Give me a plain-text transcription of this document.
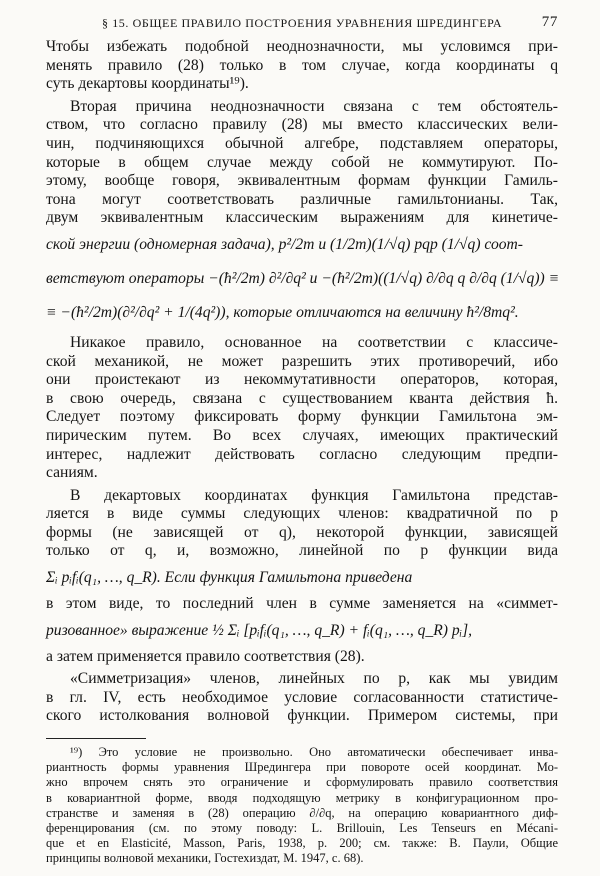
§ 15. ОБЩЕЕ ПРАВИЛО ПОСТРОЕНИЯ УРАВНЕНИЯ ШРЕДИНГЕРА	77
Чтобы избежать подобной неоднозначности, мы условимся при-
менять правило (28) только в том случае, когда координаты q
суть декартовы координаты¹⁹).
Вторая причина неоднозначности связана с тем обстоятель-
ством, что согласно правилу (28) мы вместо классических вели-
чин, подчиняющихся обычной алгебре, подставляем операторы,
которые в общем случае между собой не коммутируют. По-
этому, вообще говоря, эквивалентным формам функции Гамиль-
тона могут соответствовать различные гамильтонианы. Так,
двум эквивалентным классическим выражениям для кинетиче-
ской энергии (одномерная задача), p²/2m и (1/2m)(1/√q) pqp (1/√q) соот-
ветствуют операторы −(ħ²/2m) ∂²/∂q² и −(ħ²/2m)((1/√q) ∂/∂q q ∂/∂q (1/√q)) ≡
≡ −(ħ²/2m)(∂²/∂q² + 1/(4q²)), которые отличаются на величину ħ²/8mq².
Никакое правило, основанное на соответствии с классиче-
ской механикой, не может разрешить этих противоречий, ибо
они проистекают из некоммутативности операторов, которая,
в свою очередь, связана с существованием кванта действия ħ.
Следует поэтому фиксировать форму функции Гамильтона эм-
пирическим путем. Во всех случаях, имеющих практический
интерес, надлежит действовать согласно следующим предпи-
саниям.
В декартовых координатах функция Гамильтона представ-
ляется в виде суммы следующих членов: квадратичной по p
формы (не зависящей от q), некоторой функции, зависящей
только от q, и, возможно, линейной по p функции вида
Σᵢ pᵢfᵢ(q₁, …, q_R). Если функция Гамильтона приведена
в этом виде, то последний член в сумме заменяется на «симмет-
ризованное» выражение ½ Σᵢ [pᵢfᵢ(q₁, …, q_R) + fᵢ(q₁, …, q_R) pᵢ],
а затем применяется правило соответствия (28).
«Симметризация» членов, линейных по p, как мы увидим
в гл. IV, есть необходимое условие согласованности статистиче-
ского истолкования волновой функции. Примером системы, при
¹⁹) Это условие не произвольно. Оно автоматически обеспечивает инва-
риантность формы уравнения Шредингера при повороте осей координат. Мо-
жно впрочем снять это ограничение и сформулировать правило соответствия
в ковариантной форме, вводя подходящую метрику в конфигурационном про-
странстве и заменяя в (28) операцию ∂/∂q, на операцию ковариантного диф-
ференцирования (см. по этому поводу: L. Brillouin, Les Tenseurs en Mécani-
que et en Elasticité, Masson, Paris, 1938, p. 200; см. также: В. Паули, Общие
принципы волновой механики, Гостехиздат, М. 1947, с. 68).
